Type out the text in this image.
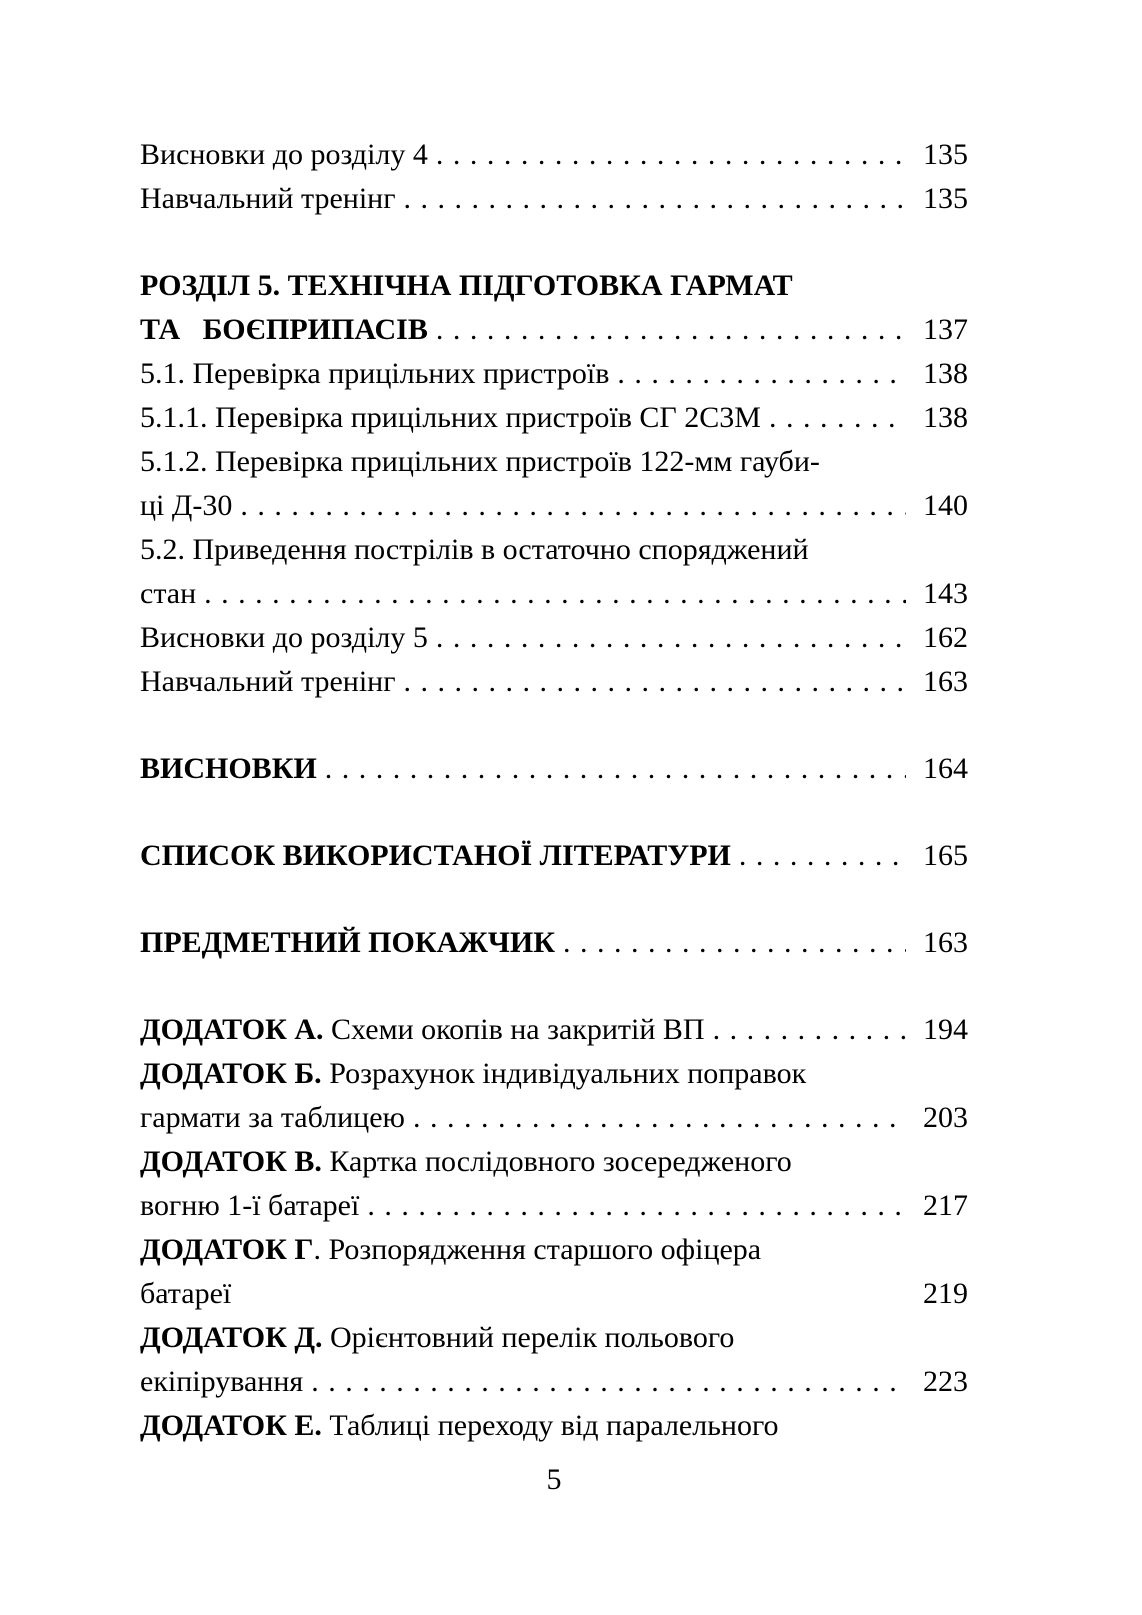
Висновки до розділу 4 . . .	135
Навчальний тренінг . . .	135
РОЗДІЛ 5. ТЕХНІЧНА ПІДГОТОВКА ГАРМАТ
ТА   БОЄПРИПАСІВ . . .	137
5.1. Перевірка прицільних пристроїв . . .	138
5.1.1. Перевірка прицільних пристроїв СГ 2С3М . . .	138
5.1.2. Перевірка прицільних пристроїв 122-мм гауби-
ці Д-30 . . .	140
5.2. Приведення пострілів в остаточно споряджений
стан . . .	143
Висновки до розділу 5 . . .	162
Навчальний тренінг . . .	163
ВИСНОВКИ . . .	164
СПИСОК ВИКОРИСТАНОЇ ЛІТЕРАТУРИ . . .	165
ПРЕДМЕТНИЙ ПОКАЖЧИК . . .	163
ДОДАТОК А. Схеми окопів на закритій ВП . . .	194
ДОДАТОК Б. Розрахунок індивідуальних поправок
гармати за таблицею . . .	203
ДОДАТОК В. Картка послідовного зосередженого
вогню 1-ї батареї . . .	217
ДОДАТОК Г. Розпорядження старшого офіцера
батареї	219
ДОДАТОК Д. Орієнтовний перелік польового
екіпірування . . .	223
ДОДАТОК Е. Таблиці переходу від паралельного
5
